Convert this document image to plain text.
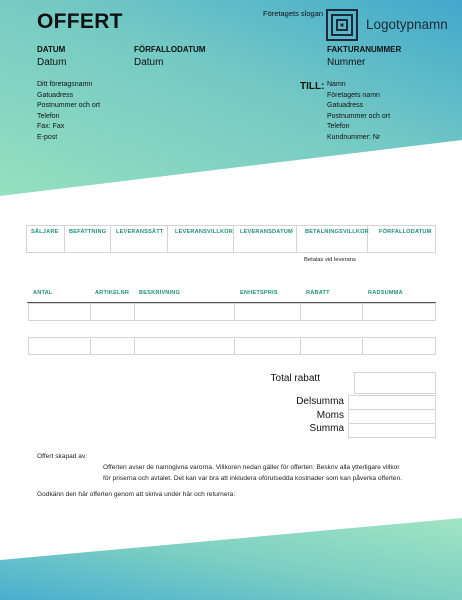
OFFERT	Företagets slogan
Logotypnamn
DATUM
Datum
FÖRFALLODATUM
Datum
FAKTURANUMMER
Nummer
Ditt företagsnamn
Gatuadress
Postnummer och ort
Telefon
Fax: Fax
E-post
TILL: Namn
Företagets namn
Gatuadress
Postnummer och ort
Telefon
Kundnummer: Nr

SÄLJARE BEFATTNING LEVERANSSÄTT LEVERANSVILLKOR LEVERANSDATUM BETALNINGSVILLKOR FÖRFALLODATUM
Betalas vid leverans
ANTAL	ARTIKELNR BESKRIVNING	ENHETSPRIS	RABATT	RADSUMMA

Total rabatt
Delsumma
Moms
Summa
Offert skapad av:
Offerten avser de namngivna varorna. Villkoren nedan gäller för offerten: Beskriv alla ytterligare villkor
för priserna och avtalet. Det kan var bra att inkludera oförutsedda kostnader som kan påverka offerten.
Godkänn den här offerten genom att skriva under här och returnera:
